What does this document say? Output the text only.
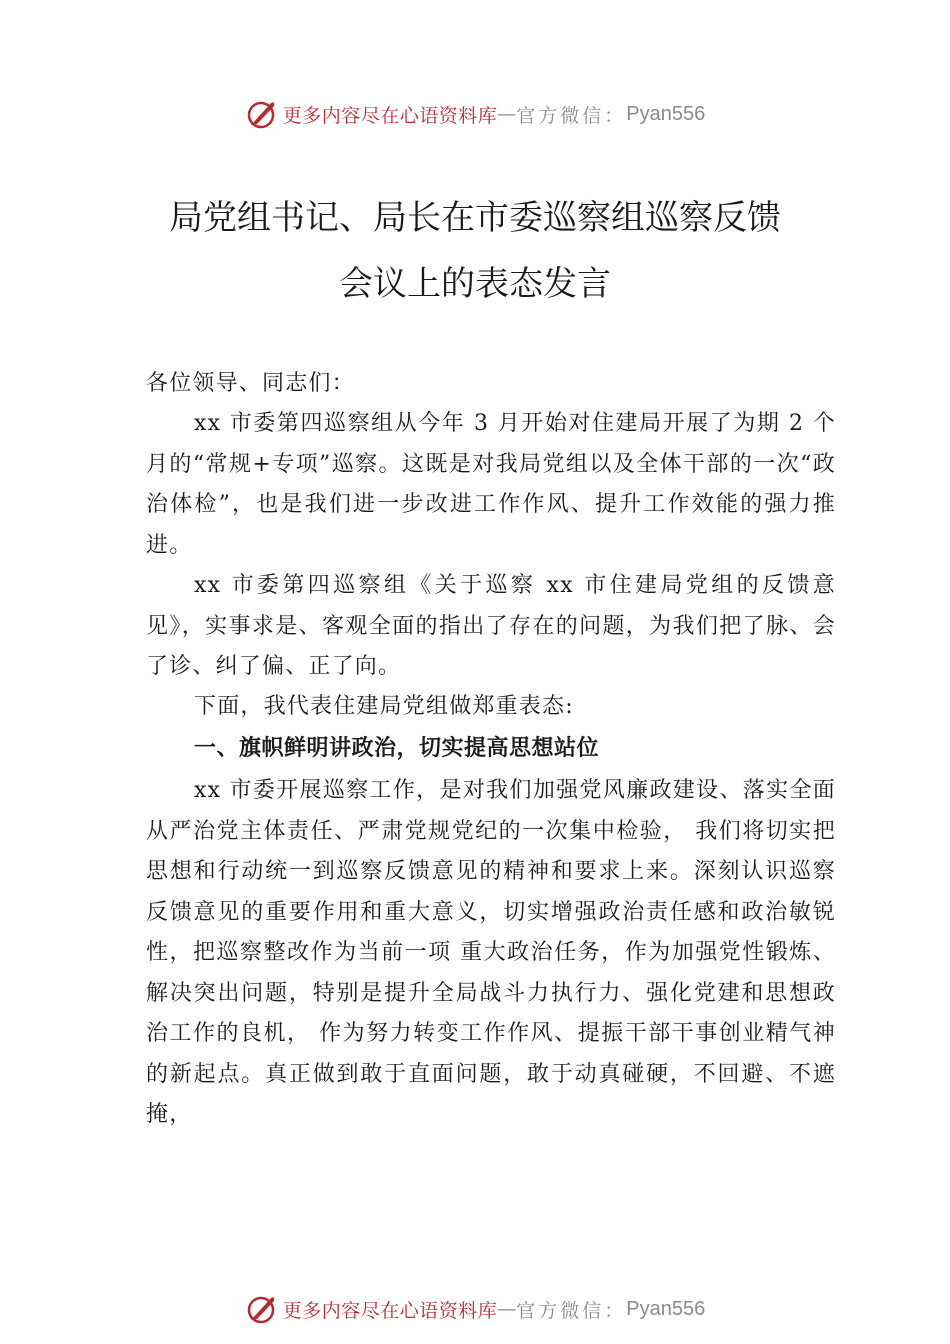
更多内容尽在心语资料库 — 官方微信： Pyan556
局党组书记、局长在市委巡察组巡察反馈
会议上的表态发言

各位领导、同志们：

xx 市委第四巡察组从今年 3 月开始对住建局开展了为期 2 个月的“常规+专项”巡察。这既是对我局党组以及全体干部的一次“政治体检”，也是我们进一步改进工作作风、提升工作效能的强力推进。

xx 市委第四巡察组《关于巡察 xx 市住建局党组的反馈意见》，实事求是、客观全面的指出了存在的问题，为我们把了脉、会了诊、纠了偏、正了向。

下面，我代表住建局党组做郑重表态:

一、旗帜鲜明讲政治，切实提高思想站位

xx 市委开展巡察工作，是对我们加强党风廉政建设、落实全面从严治党主体责任、严肃党规党纪的一次集中检验， 我们将切实把思想和行动统一到巡察反馈意见的精神和要求上来。深刻认识巡察反馈意见的重要作用和重大意义，切实增强政治责任感和政治敏锐性，把巡察整改作为当前一项 重大政治任务，作为加强党性锻炼、解决突出问题，特别是提升全局战斗力执行力、强化党建和思想政治工作的良机， 作为努力转变工作作风、提振干部干事创业精气神的新起点。真正做到敢于直面问题，敢于动真碰硬，不回避、不遮掩，

更多内容尽在心语资料库 — 官方微信： Pyan556
